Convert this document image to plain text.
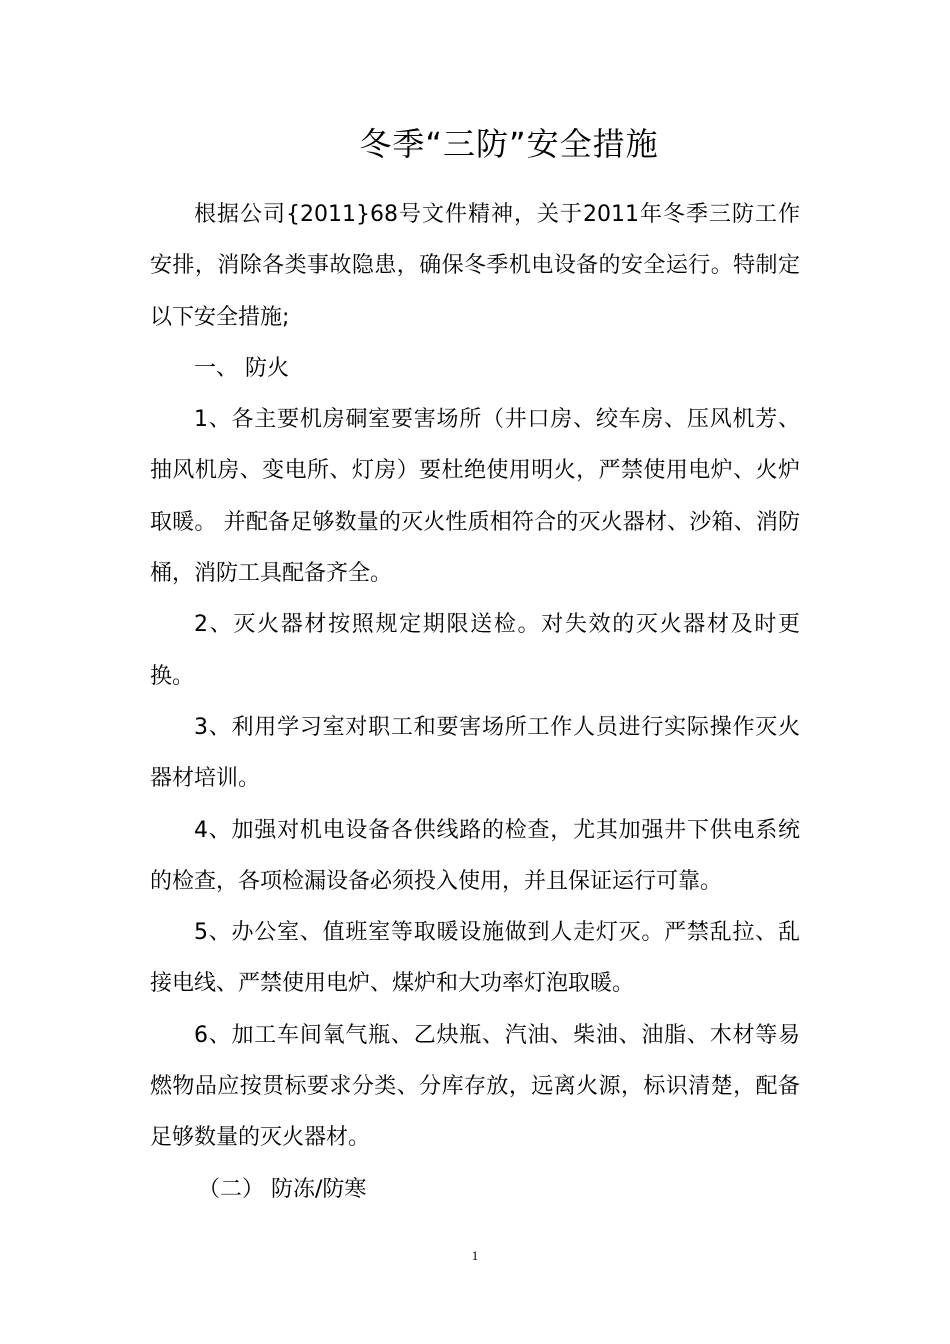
冬季“三防”安全措施

根据公司{2011}68号文件精神，关于2011年冬季三防工作安排，消除各类事故隐患，确保冬季机电设备的安全运行。特制定以下安全措施;

一、 防火

1、各主要机房硐室要害场所（井口房、绞车房、压风机芳、抽风机房、变电所、灯房）要杜绝使用明火，严禁使用电炉、火炉取暖。 并配备足够数量的灭火性质相符合的灭火器材、沙箱、消防桶，消防工具配备齐全。

2、灭火器材按照规定期限送检。对失效的灭火器材及时更换。

3、利用学习室对职工和要害场所工作人员进行实际操作灭火器材培训。

4、加强对机电设备各供线路的检查，尤其加强井下供电系统的检查，各项检漏设备必须投入使用，并且保证运行可靠。

5、办公室、值班室等取暖设施做到人走灯灭。严禁乱拉、乱接电线、严禁使用电炉、煤炉和大功率灯泡取暖。

6、加工车间氧气瓶、乙炔瓶、汽油、柴油、油脂、木材等易燃物品应按贯标要求分类、分库存放，远离火源，标识清楚，配备足够数量的灭火器材。

（二） 防冻/防寒

1
